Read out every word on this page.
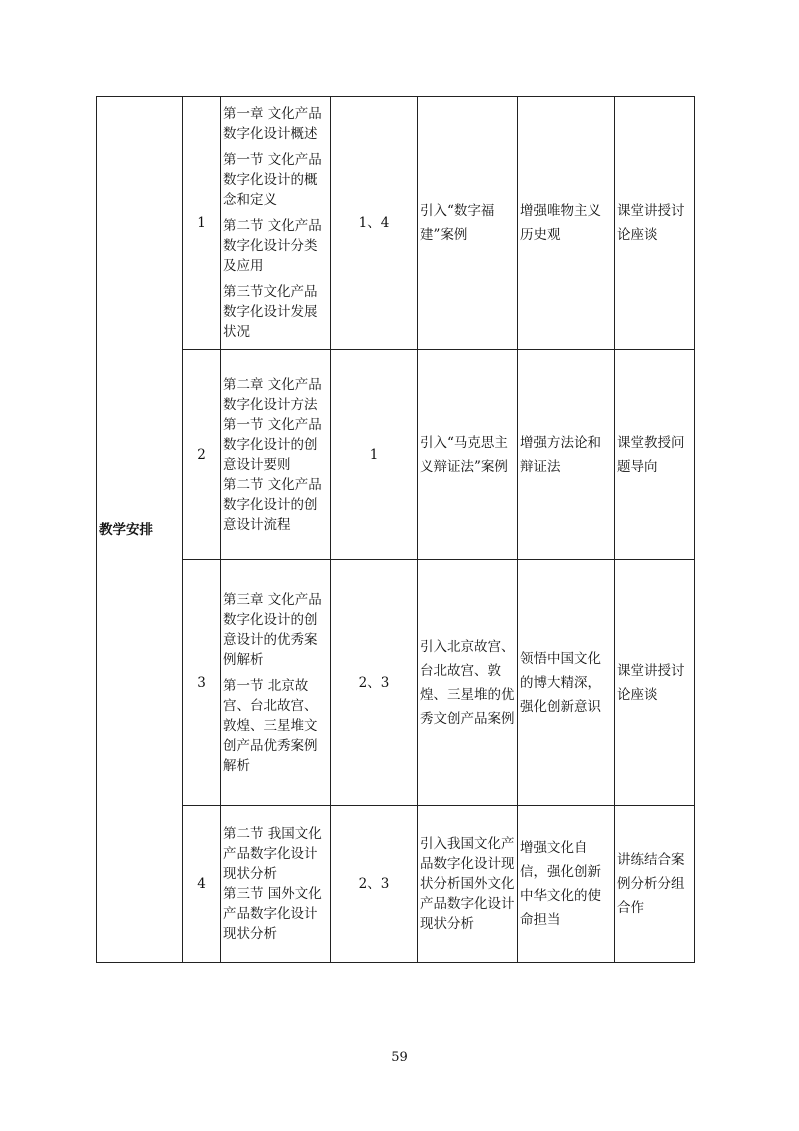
教学安排	1	第一章 文化产品数字化设计概述

第一节 文化产品数字化设计的概念和定义

第二节 文化产品数字化设计分类及应用

第三节文化产品数字化设计发展状况	1、4	引入“数字福建”案例	增强唯物主义历史观	课堂讲授讨论座谈
	2	第二章 文化产品数字化设计方法

第一节 文化产品数字化设计的创意设计要则

第二节 文化产品数字化设计的创意设计流程	1	引入“马克思主义辩证法”案例	增强方法论和辩证法	课堂教授问题导向
	3	第三章 文化产品数字化设计的创意设计的优秀案例解析

第一节 北京故宫、台北故宫、敦煌、三星堆文创产品优秀案例解析	2、3	引入北京故宫、台北故宫、敦煌、三星堆的优秀文创产品案例	领悟中国文化的博大精深，强化创新意识	课堂讲授讨论座谈
	4	第二节 我国文化产品数字化设计现状分析

第三节 国外文化产品数字化设计现状分析	2、3	引入我国文化产品数字化设计现状分析国外文化产品数字化设计现状分析	增强文化自信，强化创新中华文化的使命担当	讲练结合案例分析分组合作
59
